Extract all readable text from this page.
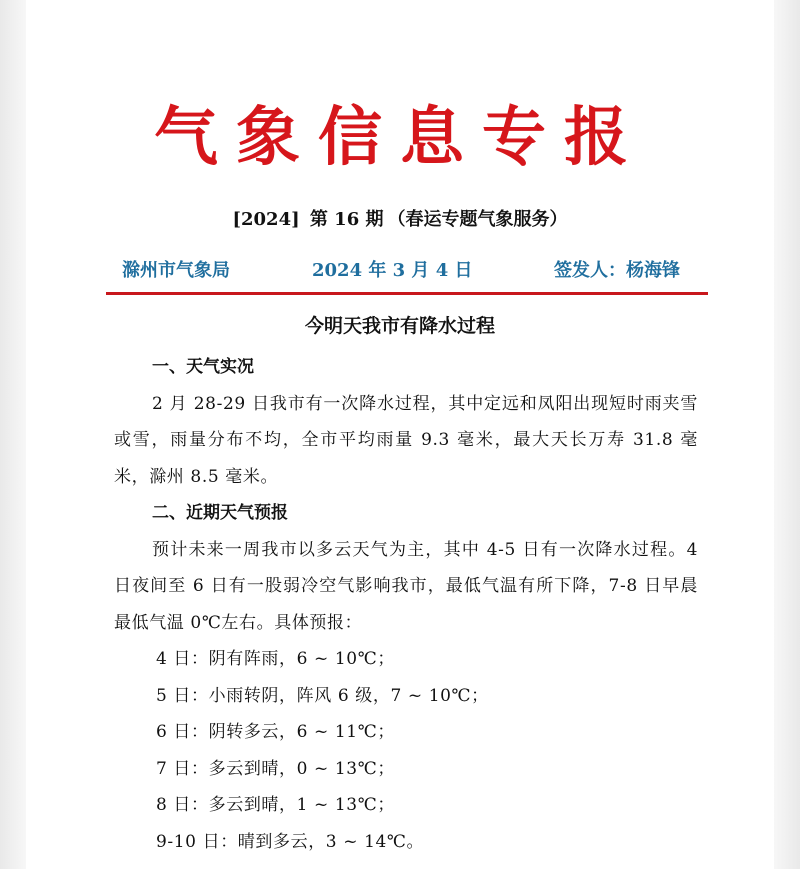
气象信息专报
[2024] 第 16 期 （春运专题气象服务）
滁州市气象局	2024 年 3 月 4 日	签发人：杨海锋
今明天我市有降水过程
一、天气实况
2 月 28-29 日我市有一次降水过程，其中定远和凤阳出现短时雨夹雪或雪，雨量分布不均，全市平均雨量 9.3 毫米，最大天长万寿 31.8 毫米，滁州 8.5 毫米。
二、近期天气预报
预计未来一周我市以多云天气为主，其中 4-5 日有一次降水过程。4 日夜间至 6 日有一股弱冷空气影响我市，最低气温有所下降，7-8 日早晨最低气温 0℃左右。具体预报：
4 日：阴有阵雨，6 ~ 10℃；
5 日：小雨转阴，阵风 6 级，7 ~ 10℃；
6 日：阴转多云，6 ~ 11℃；
7 日：多云到晴，0 ~ 13℃；
8 日：多云到晴，1 ~ 13℃；
9-10 日：晴到多云，3 ~ 14℃。
